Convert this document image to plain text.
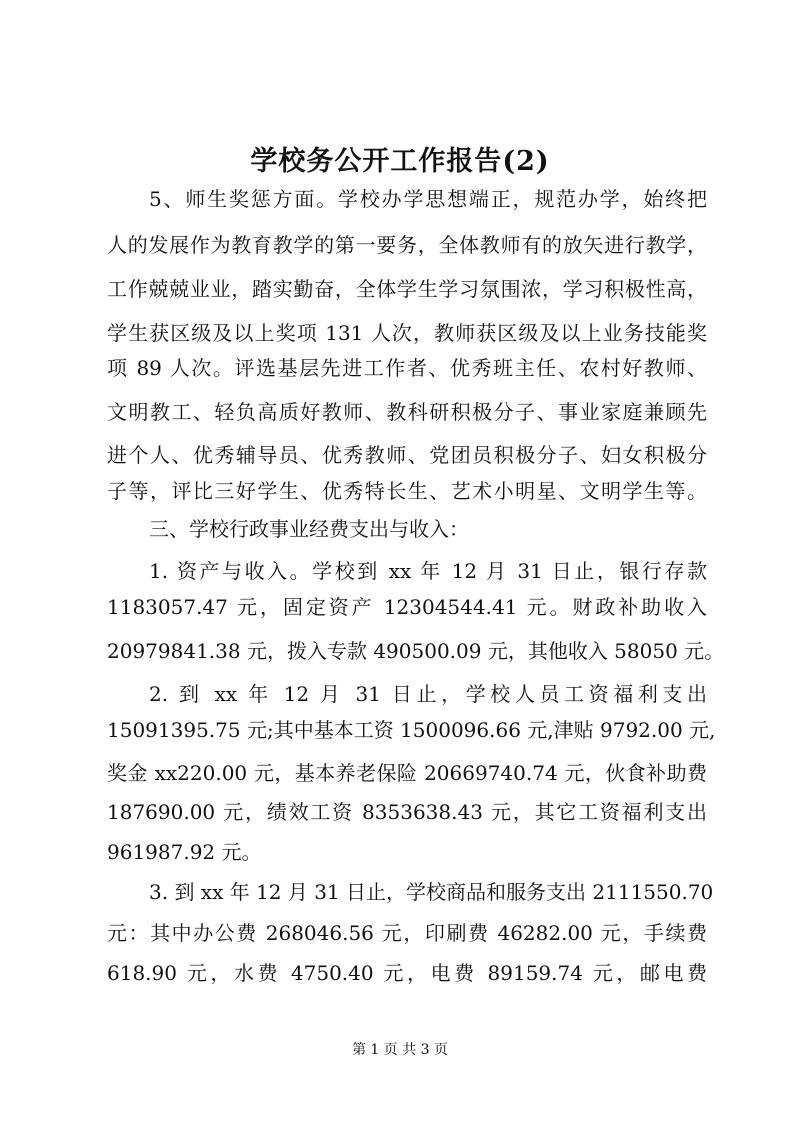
学校务公开工作报告(2)
5、师生奖惩方面。学校办学思想端正，规范办学，始终把
人的发展作为教育教学的第一要务，全体教师有的放矢进行教学，
工作兢兢业业，踏实勤奋，全体学生学习氛围浓，学习积极性高，
学生获区级及以上奖项 131 人次，教师获区级及以上业务技能奖
项 89 人次。评选基层先进工作者、优秀班主任、农村好教师、
文明教工、轻负高质好教师、教科研积极分子、事业家庭兼顾先
进个人、优秀辅导员、优秀教师、党团员积极分子、妇女积极分
子等，评比三好学生、优秀特长生、艺术小明星、文明学生等。
三、学校行政事业经费支出与收入：
1. 资产与收入。学校到 xx 年 12 月 31 日止，银行存款
1183057.47 元，固定资产 12304544.41 元。财政补助收入
20979841.38 元，拨入专款 490500.09 元，其他收入 58050 元。
2. 到 xx 年 12 月 31 日止，学校人员工资福利支出
15091395.75 元;其中基本工资 1500096.66 元,津贴 9792.00 元,
奖金 xx220.00 元，基本养老保险 20669740.74 元，伙食补助费
187690.00 元，绩效工资 8353638.43 元，其它工资福利支出
961987.92 元。
3. 到 xx 年 12 月 31 日止，学校商品和服务支出 2111550.70
元：其中办公费 268046.56 元，印刷费 46282.00 元，手续费
618.90 元，水费 4750.40 元，电费 89159.74 元，邮电费
第 1 页 共 3 页
